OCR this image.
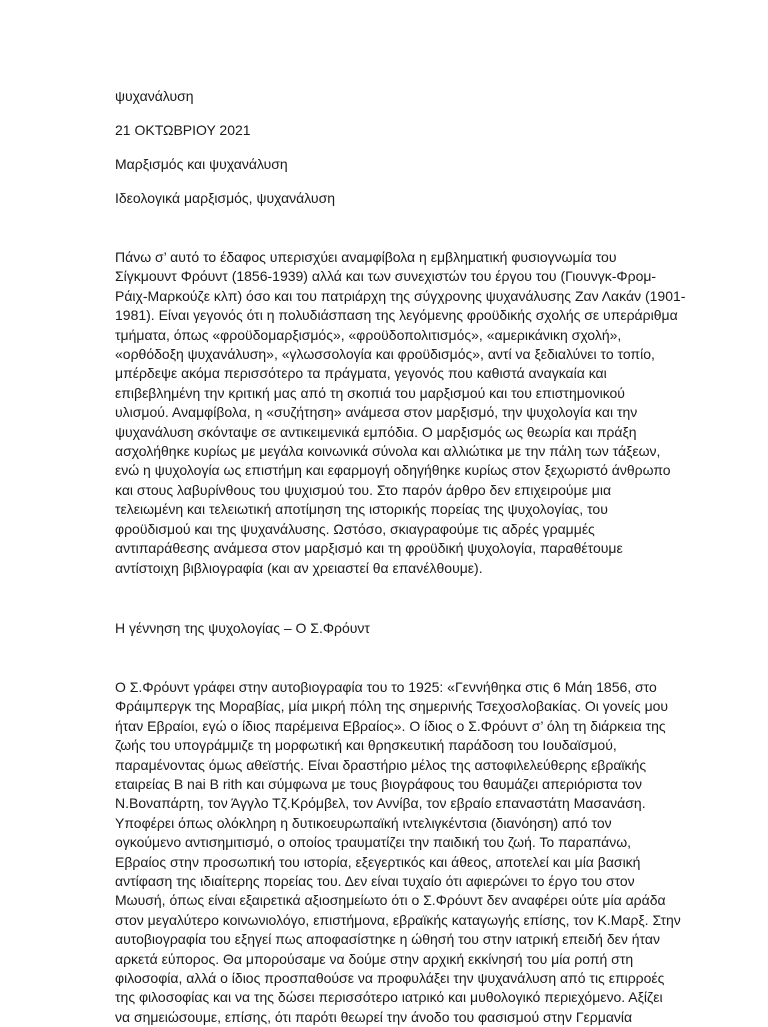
ψυχανάλυση
21 ΟΚΤΩΒΡΙΟΥ 2021
Μαρξισμός και ψυχανάλυση
Ιδεολογικά μαρξισμός, ψυχανάλυση

Πάνω σ’ αυτό το έδαφος υπερισχύει αναμφίβολα η εμβληματική φυσιογνωμία του
Σίγκμουντ Φρόυντ (1856-1939) αλλά και των συνεχιστών του έργου του (Γιουνγκ-Φρομ-
Ράιχ-Μαρκούζε κλπ) όσο και του πατριάρχη της σύγχρονης ψυχανάλυσης Ζαν Λακάν (1901-
1981). Είναι γεγονός ότι η πολυδιάσπαση της λεγόμενης φροϋδικής σχολής σε υπεράριθμα
τμήματα, όπως «φροϋδομαρξισμός», «φροϋδοπολιτισμός», «αμερικάνικη σχολή»,
«ορθόδοξη ψυχανάλυση», «γλωσσολογία και φροϋδισμός», αντί να ξεδιαλύνει το τοπίο,
μπέρδεψε ακόμα περισσότερο τα πράγματα, γεγονός που καθιστά αναγκαία και
επιβεβλημένη την κριτική μας από τη σκοπιά του μαρξισμού και του επιστημονικού
υλισμού. Αναμφίβολα, η «συζήτηση» ανάμεσα στον μαρξισμό, την ψυχολογία και την
ψυχανάλυση σκόνταψε σε αντικειμενικά εμπόδια. Ο μαρξισμός ως θεωρία και πράξη
ασχολήθηκε κυρίως με μεγάλα κοινωνικά σύνολα και αλλιώτικα με την πάλη των τάξεων,
ενώ η ψυχολογία ως επιστήμη και εφαρμογή οδηγήθηκε κυρίως στον ξεχωριστό άνθρωπο
και στους λαβυρίνθους του ψυχισμού του. Στο παρόν άρθρο δεν επιχειρούμε μια
τελειωμένη και τελειωτική αποτίμηση της ιστορικής πορείας της ψυχολογίας, του
φροϋδισμού και της ψυχανάλυσης. Ωστόσο, σκιαγραφούμε τις αδρές γραμμές
αντιπαράθεσης ανάμεσα στον μαρξισμό και τη φροϋδική ψυχολογία, παραθέτουμε
αντίστοιχη βιβλιογραφία (και αν χρειαστεί θα επανέλθουμε).

Η γέννηση της ψυχολογίας – Ο Σ.Φρόυντ

Ο Σ.Φρόυντ γράφει στην αυτοβιογραφία του το 1925: «Γεννήθηκα στις 6 Μάη 1856, στο
Φράιμπεργκ της Μοραβίας, μία μικρή πόλη της σημερινής Τσεχοσλοβακίας. Οι γονείς μου
ήταν Εβραίοι, εγώ ο ίδιος παρέμεινα Εβραίος». Ο ίδιος ο Σ.Φρόυντ σ’ όλη τη διάρκεια της
ζωής του υπογράμμιζε τη μορφωτική και θρησκευτική παράδοση του Ιουδαϊσμού,
παραμένοντας όμως αθεϊστής. Είναι δραστήριο μέλος της αστοφιλελεύθερης εβραϊκής
εταιρείας B nai B rith και σύμφωνα με τους βιογράφους του θαυμάζει απεριόριστα τον
Ν.Βοναπάρτη, τον Άγγλο Τζ.Κρόμβελ, τον Αννίβα, τον εβραίο επαναστάτη Μασανάση.
Υποφέρει όπως ολόκληρη η δυτικοευρωπαϊκή ιντελιγκέντσια (διανόηση) από τον
ογκούμενο αντισημιτισμό, ο οποίος τραυματίζει την παιδική του ζωή. Το παραπάνω,
Εβραίος στην προσωπική του ιστορία, εξεγερτικός και άθεος, αποτελεί και μία βασική
αντίφαση της ιδιαίτερης πορείας του. Δεν είναι τυχαίο ότι αφιερώνει το έργο του στον
Μωυσή, όπως είναι εξαιρετικά αξιοσημείωτο ότι ο Σ.Φρόυντ δεν αναφέρει ούτε μία αράδα
στον μεγαλύτερο κοινωνιολόγο, επιστήμονα, εβραϊκής καταγωγής επίσης, τον Κ.Μαρξ. Στην
αυτοβιογραφία του εξηγεί πως αποφασίστηκε η ώθησή του στην ιατρική επειδή δεν ήταν
αρκετά εύπορος. Θα μπορούσαμε να δούμε στην αρχική εκκίνησή του μία ροπή στη
φιλοσοφία, αλλά ο ίδιος προσπαθούσε να προφυλάξει την ψυχανάλυση από τις επιρροές
της φιλοσοφίας και να της δώσει περισσότερο ιατρικό και μυθολογικό περιεχόμενο. Αξίζει
να σημειώσουμε, επίσης, ότι παρότι θεωρεί την άνοδο του φασισμού στην Γερμανία
